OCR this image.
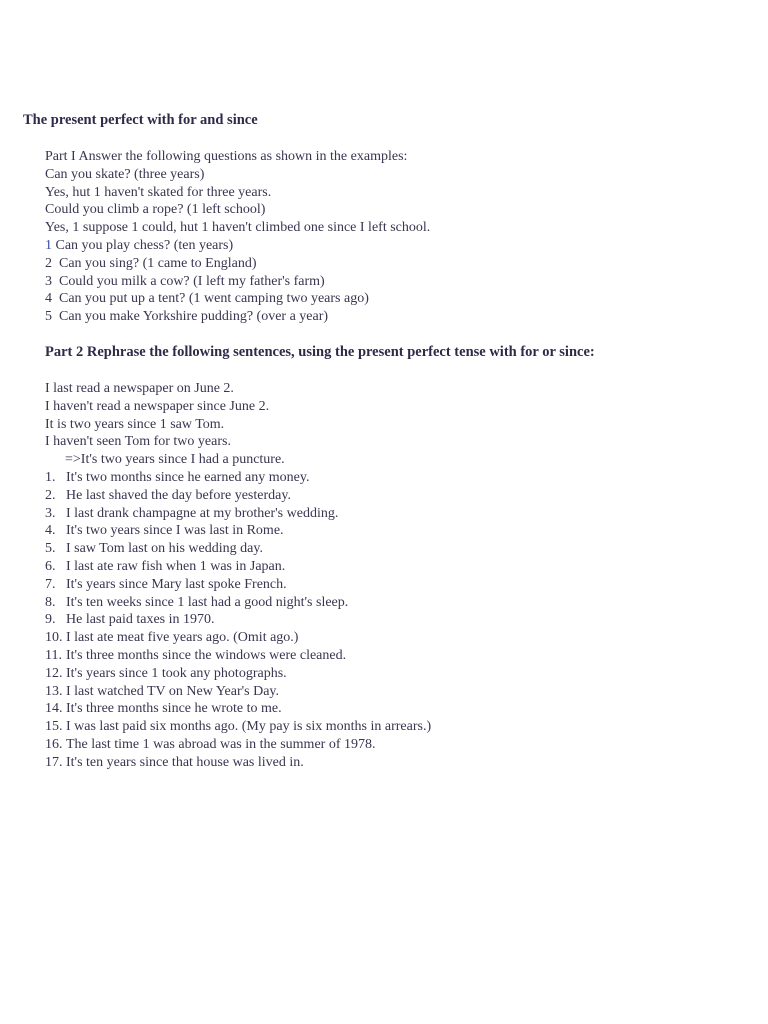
The present perfect with for and since
Part I Answer the following questions as shown in the examples:
Can you skate? (three years)
Yes, hut 1 haven't skated for three years.
Could you climb a rope? (1 left school)
Yes, 1 suppose 1 could, hut 1 haven't climbed one since I left school.
1 Can you play chess? (ten years)
2 Can you sing? (1 came to England)
3 Could you milk a cow? (I left my father's farm)
4 Can you put up a tent? (1 went camping two years ago)
5 Can you make Yorkshire pudding? (over a year)
Part 2 Rephrase the following sentences, using the present perfect tense with for or since:
I last read a newspaper on June 2.
I haven't read a newspaper since June 2.
It is two years since 1 saw Tom.
I haven't seen Tom for two years.
=>It's two years since I had a puncture.
1. It's two months since he earned any money.
2. He last shaved the day before yesterday.
3. I last drank champagne at my brother's wedding.
4. It's two years since I was last in Rome.
5. I saw Tom last on his wedding day.
6. I last ate raw fish when 1 was in Japan.
7. It's years since Mary last spoke French.
8. It's ten weeks since 1 last had a good night's sleep.
9. He last paid taxes in 1970.
10. I last ate meat five years ago. (Omit ago.)
11. It's three months since the windows were cleaned.
12. It's years since 1 took any photographs.
13. I last watched TV on New Year's Day.
14. It's three months since he wrote to me.
15. I was last paid six months ago. (My pay is six months in arrears.)
16. The last time 1 was abroad was in the summer of 1978.
17. It's ten years since that house was lived in.
